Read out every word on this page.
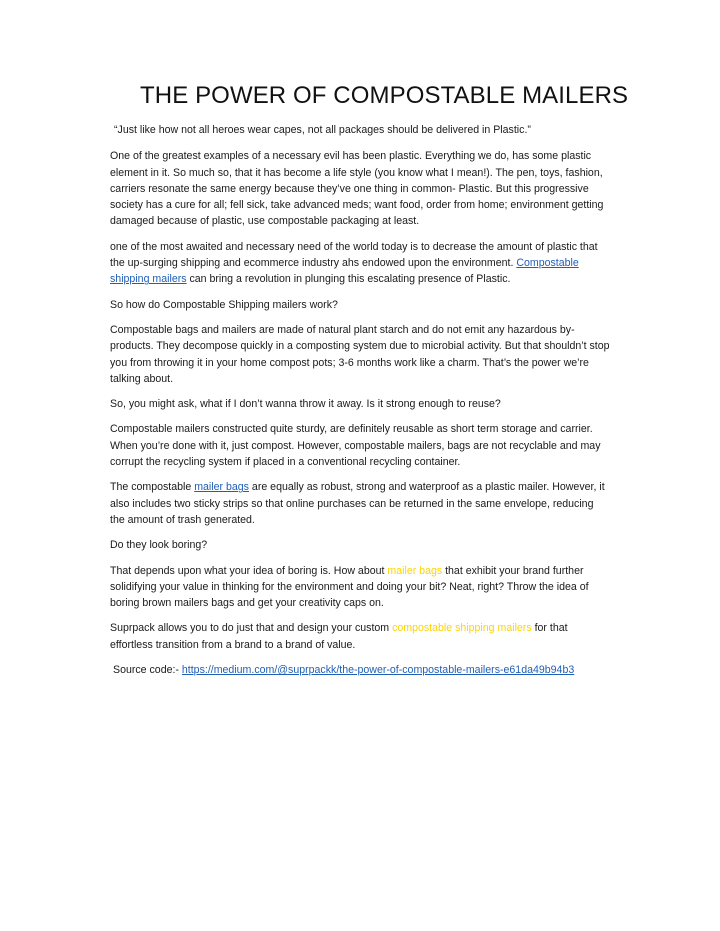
THE POWER OF COMPOSTABLE MAILERS

“Just like how not all heroes wear capes, not all packages should be delivered in Plastic.”

One of the greatest examples of a necessary evil has been plastic. Everything we do, has some plastic element in it. So much so, that it has become a life style (you know what I mean!). The pen, toys, fashion, carriers resonate the same energy because they’ve one thing in common- Plastic. But this progressive society has a cure for all; fell sick, take advanced meds; want food, order from home; environment getting damaged because of plastic, use compostable packaging at least.

one of the most awaited and necessary need of the world today is to decrease the amount of plastic that the up-surging shipping and ecommerce industry ahs endowed upon the environment. Compostable shipping mailers can bring a revolution in plunging this escalating presence of Plastic.

So how do Compostable Shipping mailers work?

Compostable bags and mailers are made of natural plant starch and do not emit any hazardous by-products. They decompose quickly in a composting system due to microbial activity. But that shouldn’t stop you from throwing it in your home compost pots; 3-6 months work like a charm. That’s the power we’re talking about.

So, you might ask, what if I don’t wanna throw it away. Is it strong enough to reuse?

Compostable mailers constructed quite sturdy, are definitely reusable as short term storage and carrier. When you’re done with it, just compost. However, compostable mailers, bags are not recyclable and may corrupt the recycling system if placed in a conventional recycling container.

The compostable mailer bags are equally as robust, strong and waterproof as a plastic mailer. However, it also includes two sticky strips so that online purchases can be returned in the same envelope, reducing the amount of trash generated.

Do they look boring?

That depends upon what your idea of boring is. How about mailer bags that exhibit your brand further solidifying your value in thinking for the environment and doing your bit? Neat, right? Throw the idea of boring brown mailers bags and get your creativity caps on.

Suprpack allows you to do just that and design your custom compostable shipping mailers for that effortless transition from a brand to a brand of value.

Source code:- https://medium.com/@suprpackk/the-power-of-compostable-mailers-e61da49b94b3
